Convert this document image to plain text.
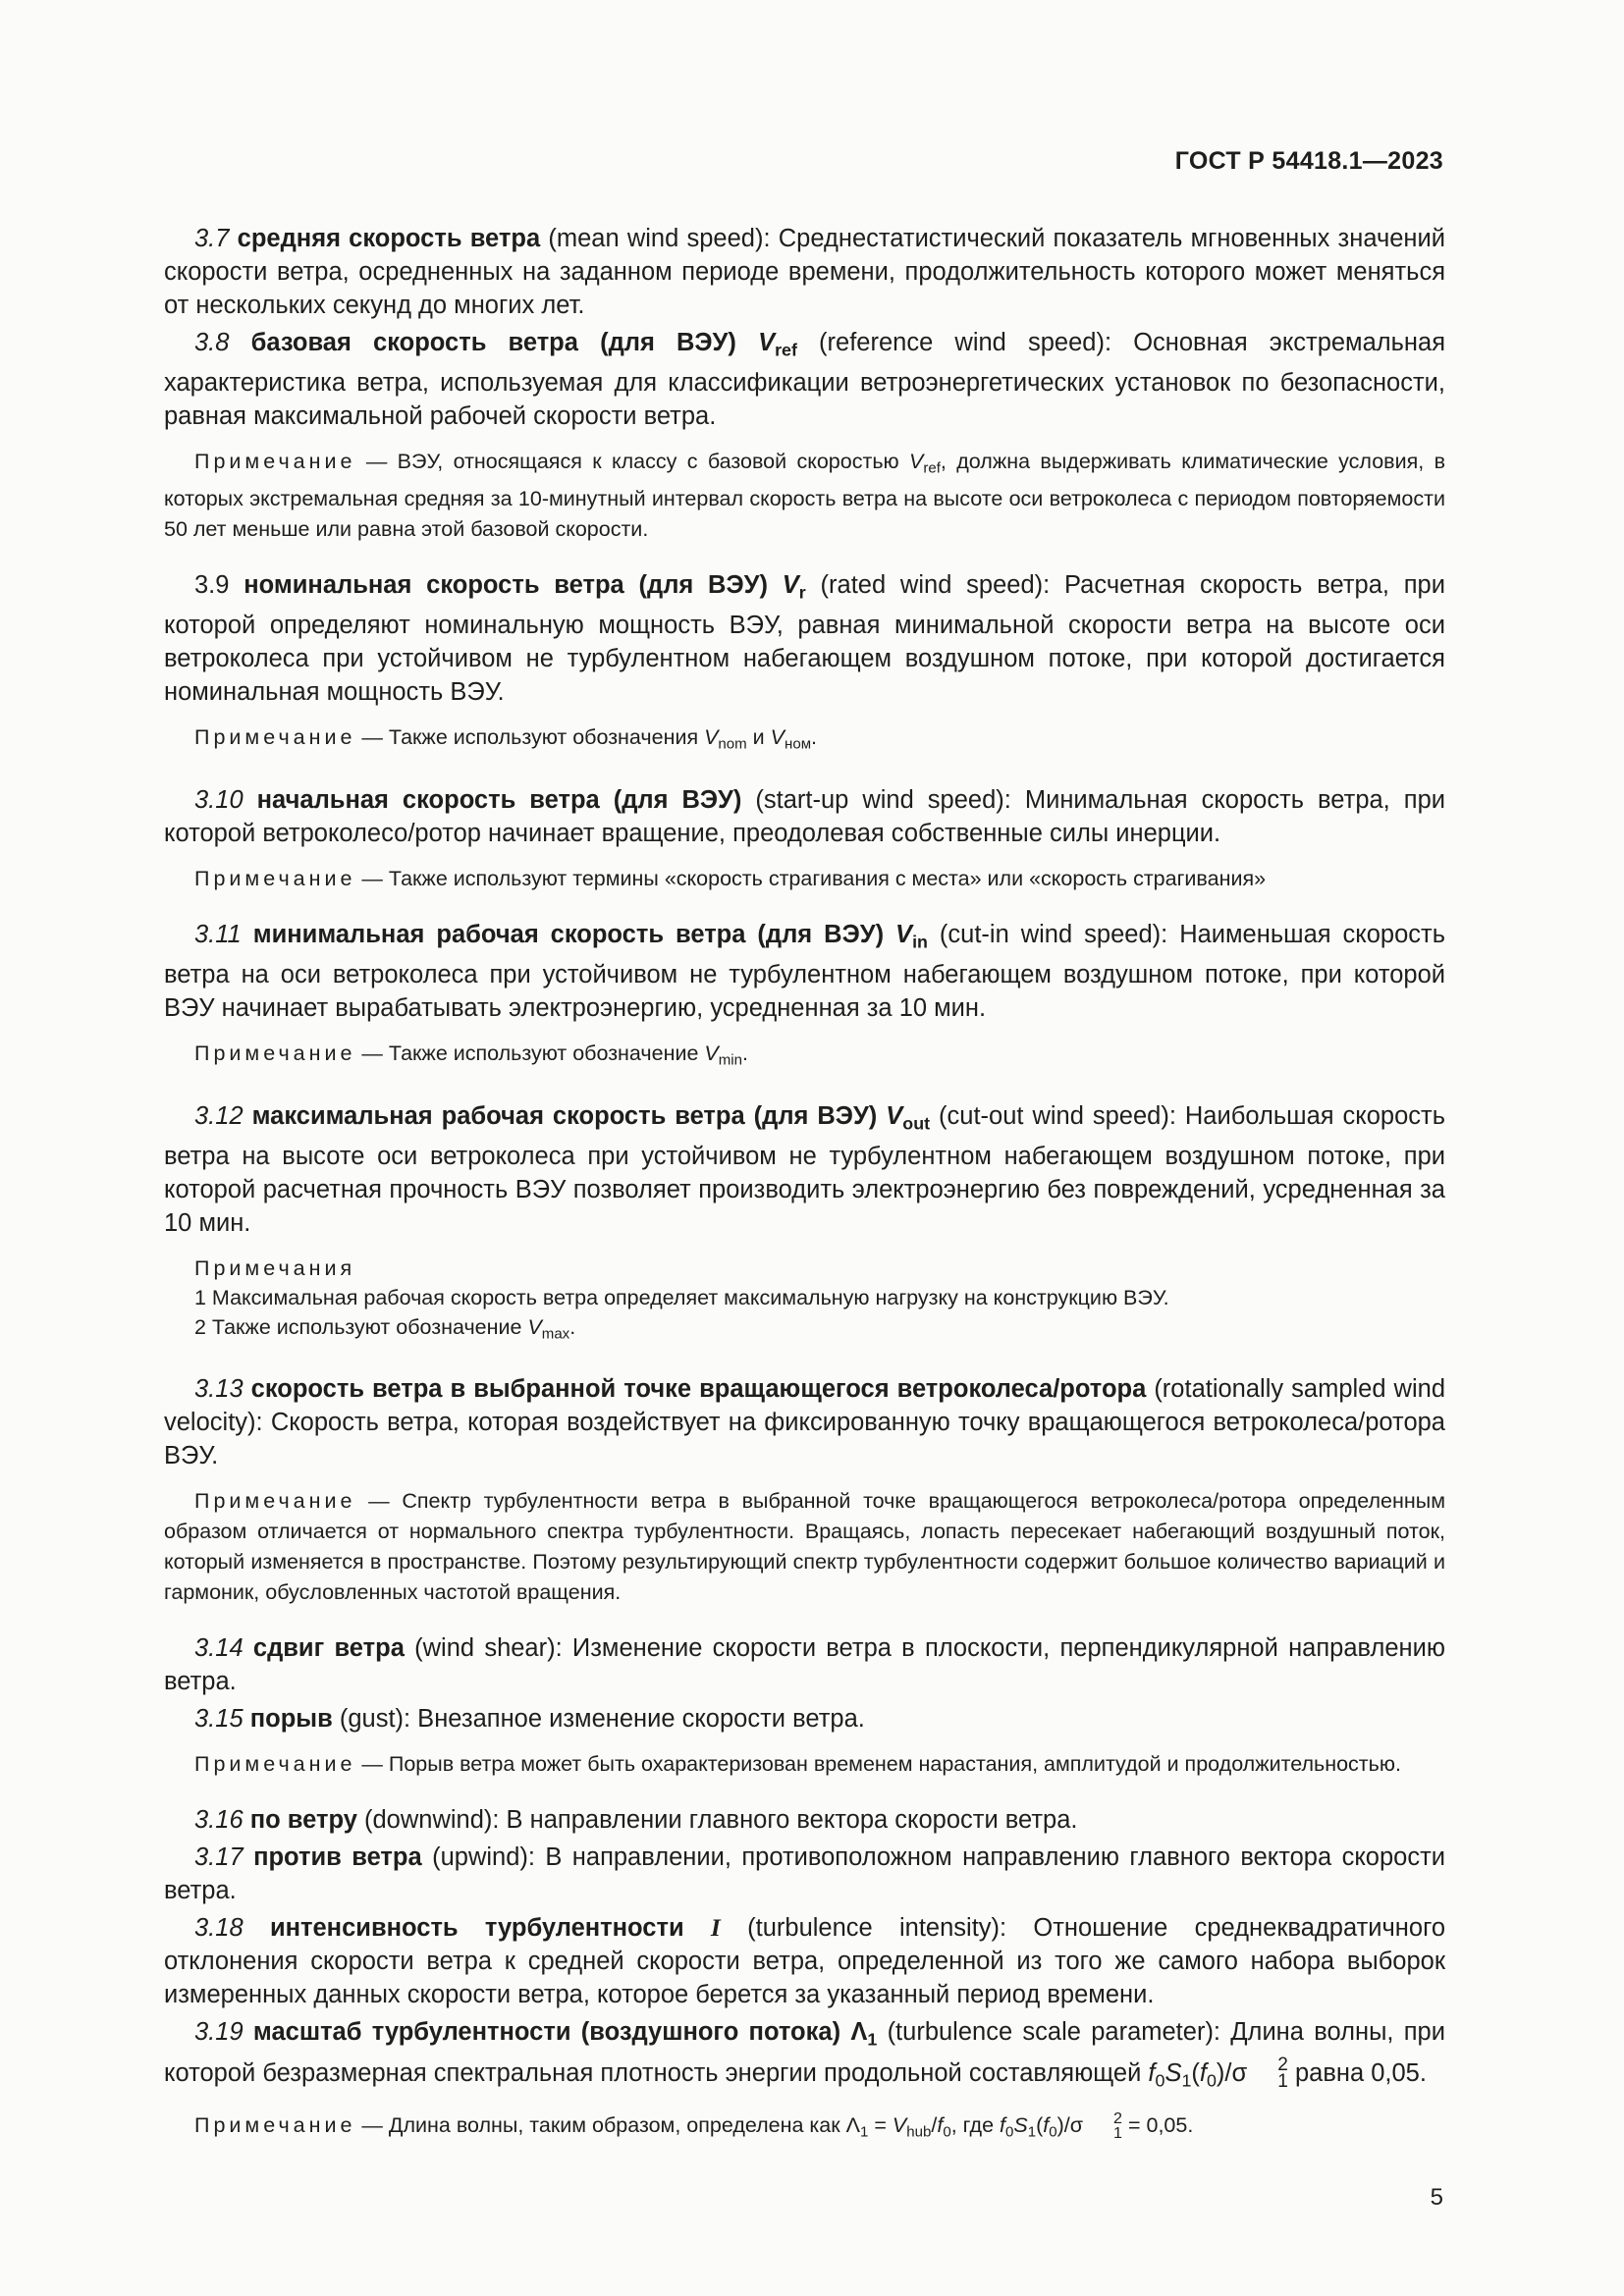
ГОСТ Р 54418.1—2023

3.7 средняя скорость ветра (mean wind speed): Среднестатистический показатель мгновенных значений скорости ветра, осредненных на заданном периоде времени, продолжительность которого может меняться от нескольких секунд до многих лет.

3.8 базовая скорость ветра (для ВЭУ) $V_{ref}$ (reference wind speed): Основная экстремальная характеристика ветра, используемая для классификации ветроэнергетических установок по безопасности, равная максимальной рабочей скорости ветра.

Примечание — ВЭУ, относящаяся к классу с базовой скоростью $V_{ref}$, должна выдерживать климатические условия, в которых экстремальная средняя за 10-минутный интервал скорость ветра на высоте оси ветроколеса с периодом повторяемости 50 лет меньше или равна этой базовой скорости.

3.9 номинальная скорость ветра (для ВЭУ) $V_r$ (rated wind speed): Расчетная скорость ветра, при которой определяют номинальную мощность ВЭУ, равная минимальной скорости ветра на высоте оси ветроколеса при устойчивом не турбулентном набегающем воздушном потоке, при которой достигается номинальная мощность ВЭУ.

Примечание — Также используют обозначения $V_{nom}$ и $V_{ном}$.

3.10 начальная скорость ветра (для ВЭУ) (start-up wind speed): Минимальная скорость ветра, при которой ветроколесо/ротор начинает вращение, преодолевая собственные силы инерции.

Примечание — Также используют термины «скорость страгивания с места» или «скорость страгивания»

3.11 минимальная рабочая скорость ветра (для ВЭУ) $V_{in}$ (cut-in wind speed): Наименьшая скорость ветра на оси ветроколеса при устойчивом не турбулентном набегающем воздушном потоке, при которой ВЭУ начинает вырабатывать электроэнергию, усредненная за 10 мин.

Примечание — Также используют обозначение $V_{min}$.

3.12 максимальная рабочая скорость ветра (для ВЭУ) $V_{out}$ (cut-out wind speed): Наибольшая скорость ветра на высоте оси ветроколеса при устойчивом не турбулентном набегающем воздушном потоке, при которой расчетная прочность ВЭУ позволяет производить электроэнергию без повреждений, усредненная за 10 мин.

Примечания
1 Максимальная рабочая скорость ветра определяет максимальную нагрузку на конструкцию ВЭУ.
2 Также используют обозначение $V_{max}$.

3.13 скорость ветра в выбранной точке вращающегося ветроколеса/ротора (rotationally sampled wind velocity): Скорость ветра, которая воздействует на фиксированную точку вращающегося ветроколеса/ротора ВЭУ.

Примечание — Спектр турбулентности ветра в выбранной точке вращающегося ветроколеса/ротора определенным образом отличается от нормального спектра турбулентности. Вращаясь, лопасть пересекает набегающий воздушный поток, который изменяется в пространстве. Поэтому результирующий спектр турбулентности содержит большое количество вариаций и гармоник, обусловленных частотой вращения.

3.14 сдвиг ветра (wind shear): Изменение скорости ветра в плоскости, перпендикулярной направлению ветра.

3.15 порыв (gust): Внезапное изменение скорости ветра.

Примечание — Порыв ветра может быть охарактеризован временем нарастания, амплитудой и продолжительностью.

3.16 по ветру (downwind): В направлении главного вектора скорости ветра.

3.17 против ветра (upwind): В направлении, противоположном направлению главного вектора скорости ветра.

3.18 интенсивность турбулентности I (turbulence intensity): Отношение среднеквадратичного отклонения скорости ветра к средней скорости ветра, определенной из того же самого набора выборок измеренных данных скорости ветра, которое берется за указанный период времени.

3.19 масштаб турбулентности (воздушного потока) $\Lambda_1$ (turbulence scale parameter): Длина волны, при которой безразмерная спектральная плотность энергии продольной составляющей $f_0S_1(f_0)/\sigma$	2
1 равна 0,05.

Примечание — Длина волны, таким образом, определена как $\Lambda_1 = V_{hub}/f_0$, где $f_0S_1(f_0)/\sigma$	2
1 = 0,05.

5
